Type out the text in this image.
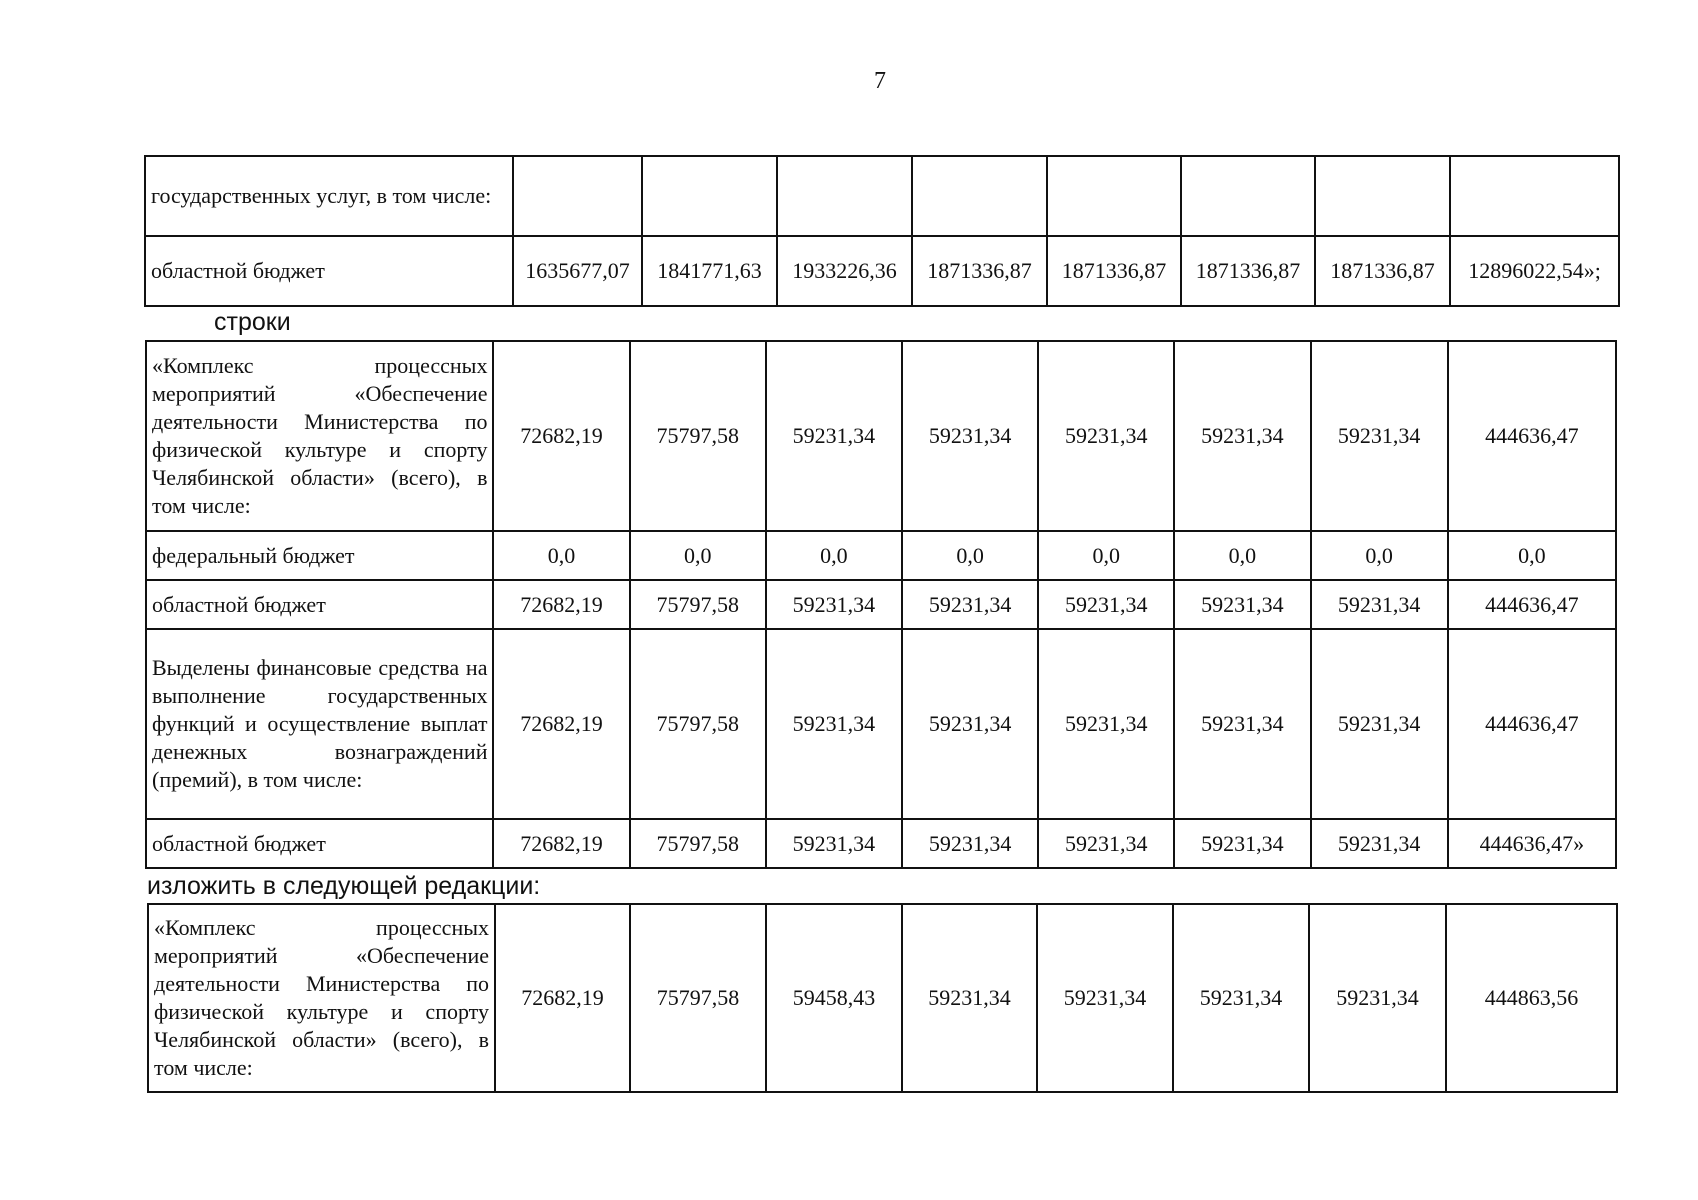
7
государственных услуг, в том числе:								
областной бюджет	1635677,07	1841771,63	1933226,36	1871336,87	1871336,87	1871336,87	1871336,87	12896022,54»;
строки
«Комплекс процессных мероприятий «Обеспечение деятельности Министерства по физической культуре и спорту Челябинской области» (всего), в том числе:	72682,19	75797,58	59231,34	59231,34	59231,34	59231,34	59231,34	444636,47
федеральный бюджет	0,0	0,0	0,0	0,0	0,0	0,0	0,0	0,0
областной бюджет	72682,19	75797,58	59231,34	59231,34	59231,34	59231,34	59231,34	444636,47
Выделены финансовые средства на выполнение государственных функций и осуществление выплат денежных вознаграждений (премий), в том числе:	72682,19	75797,58	59231,34	59231,34	59231,34	59231,34	59231,34	444636,47
областной бюджет	72682,19	75797,58	59231,34	59231,34	59231,34	59231,34	59231,34	444636,47»
изложить в следующей редакции:
«Комплекс процессных мероприятий «Обеспечение деятельности Министерства по физической культуре и спорту Челябинской области» (всего), в том числе:	72682,19	75797,58	59458,43	59231,34	59231,34	59231,34	59231,34	444863,56
